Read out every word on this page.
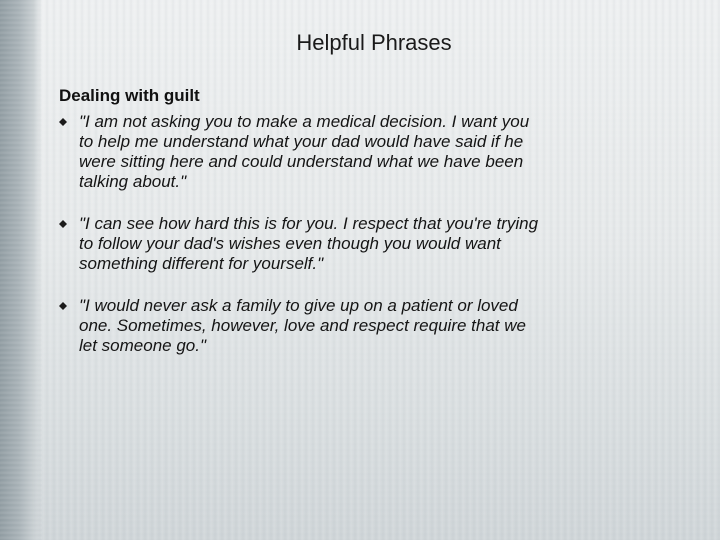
Helpful Phrases
Dealing with guilt
"I am not asking you to make a medical decision. I want you
to help me understand what your dad would have said if he
were sitting here and could understand what we have been
talking about."
"I can see how hard this is for you. I respect that you're trying
to follow your dad's wishes even though you would want
something different for yourself."
"I would never ask a family to give up on a patient or loved
one. Sometimes, however, love and respect require that we
let someone go."
